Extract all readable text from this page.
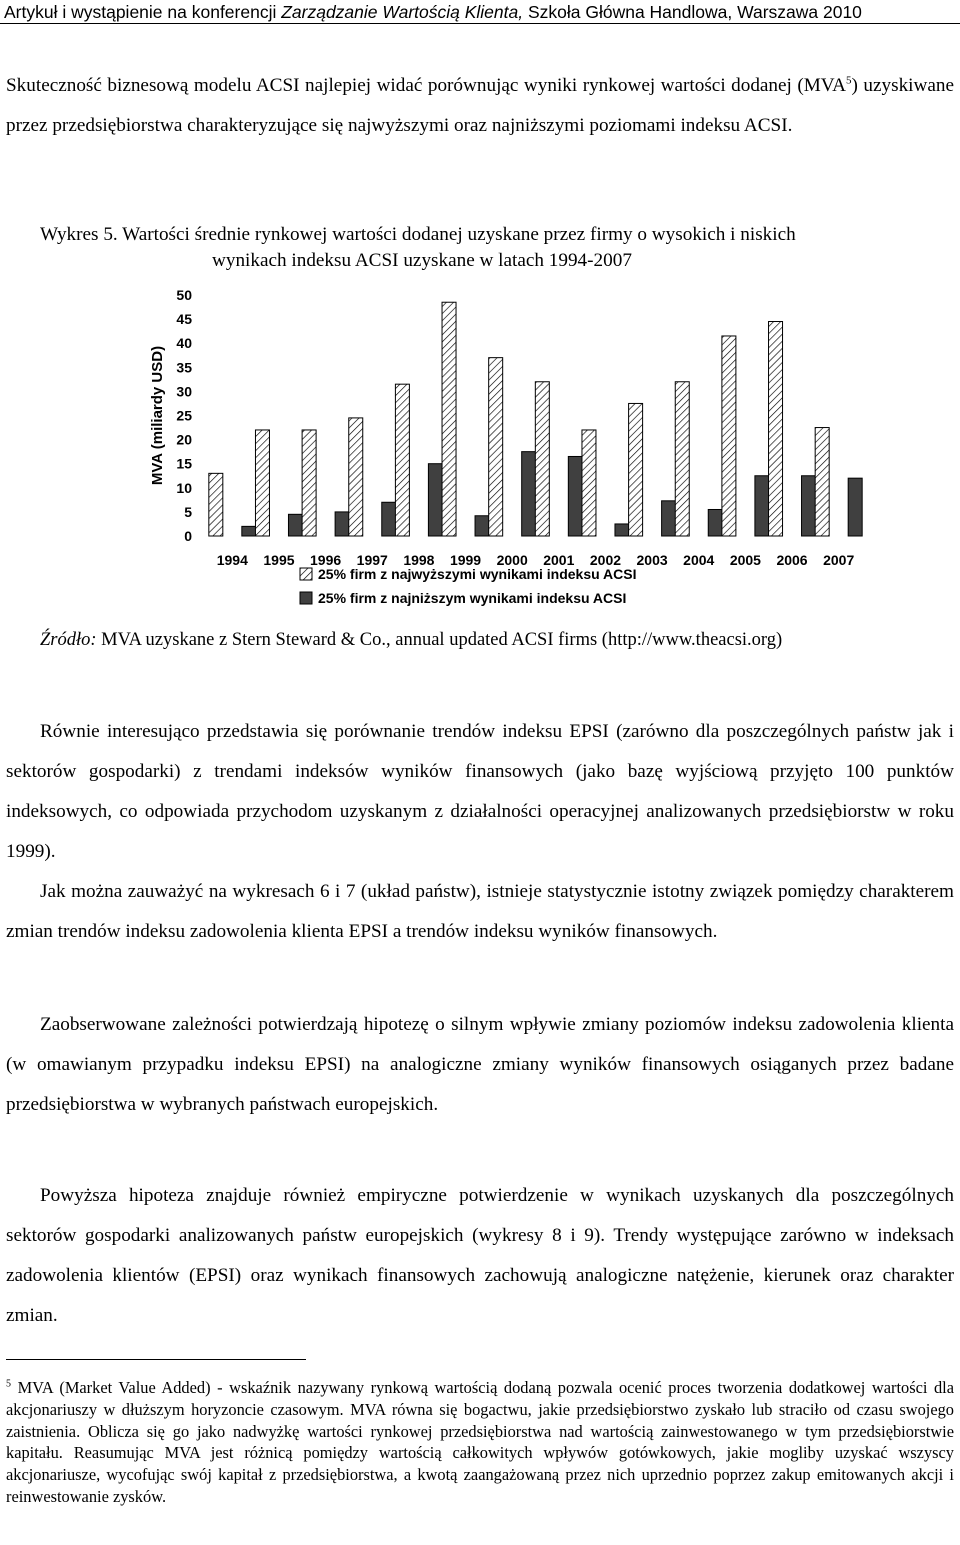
Artykuł i wystąpienie na konferencji Zarządzanie Wartością Klienta, Szkoła Główna Handlowa, Warszawa 2010

Skuteczność biznesową modelu ACSI najlepiej widać porównując wyniki rynkowej wartości dodanej (MVA$^5$) uzyskiwane przez przedsiębiorstwa charakteryzujące się najwyższymi oraz najniższymi poziomami indeksu ACSI.

Wykres 5. Wartości średnie rynkowej wartości dodanej uzyskane przez firmy o wysokich i niskich
wynikach indeksu ACSI uzyskane w latach 1994-2007

MVA (miliardy USD)
0
5
10
15
20
25
30
35
40
45
50
1994 1995 1996 1997 1998 1999 2000 2001 2002 2003 2004 2005 2006 2007
25% firm z najwyższymi wynikami indeksu ACSI
25% firm z najniższym wynikami indeksu ACSI
Źródło: MVA uzyskane z Stern Steward & Co., annual updated ACSI firms (http://www.theacsi.org)

Równie interesująco przedstawia się porównanie trendów indeksu EPSI (zarówno dla poszczególnych państw jak i sektorów gospodarki) z trendami indeksów wyników finansowych (jako bazę wyjściową przyjęto 100 punktów indeksowych, co odpowiada przychodom uzyskanym z działalności operacyjnej analizowanych przedsiębiorstw w roku 1999).

Jak można zauważyć na wykresach 6 i 7 (układ państw), istnieje statystycznie istotny związek pomiędzy charakterem zmian trendów indeksu zadowolenia klienta EPSI a trendów indeksu wyników finansowych.

Zaobserwowane zależności potwierdzają hipotezę o silnym wpływie zmiany poziomów indeksu zadowolenia klienta (w omawianym przypadku indeksu EPSI) na analogiczne zmiany wyników finansowych osiąganych przez badane przedsiębiorstwa w wybranych państwach europejskich.

Powyższa hipoteza znajduje również empiryczne potwierdzenie w wynikach uzyskanych dla poszczególnych sektorów gospodarki analizowanych państw europejskich (wykresy 8 i 9). Trendy występujące zarówno w indeksach zadowolenia klientów (EPSI) oraz wynikach finansowych zachowują analogiczne natężenie, kierunek oraz charakter zmian.

$^5$ MVA (Market Value Added) - wskaźnik nazywany rynkową wartością dodaną pozwala ocenić proces tworzenia dodatkowej wartości dla akcjonariuszy w dłuższym horyzoncie czasowym. MVA równa się bogactwu, jakie przedsiębiorstwo zyskało lub straciło od czasu swojego zaistnienia. Oblicza się go jako nadwyżkę wartości rynkowej przedsiębiorstwa nad wartością zainwestowanego w tym przedsiębiorstwie kapitału. Reasumując MVA jest różnicą pomiędzy wartością całkowitych wpływów gotówkowych, jakie mogliby uzyskać wszyscy akcjonariusze, wycofując swój kapitał z przedsiębiorstwa, a kwotą zaangażowaną przez nich uprzednio poprzez zakup emitowanych akcji i reinwestowanie zysków.
